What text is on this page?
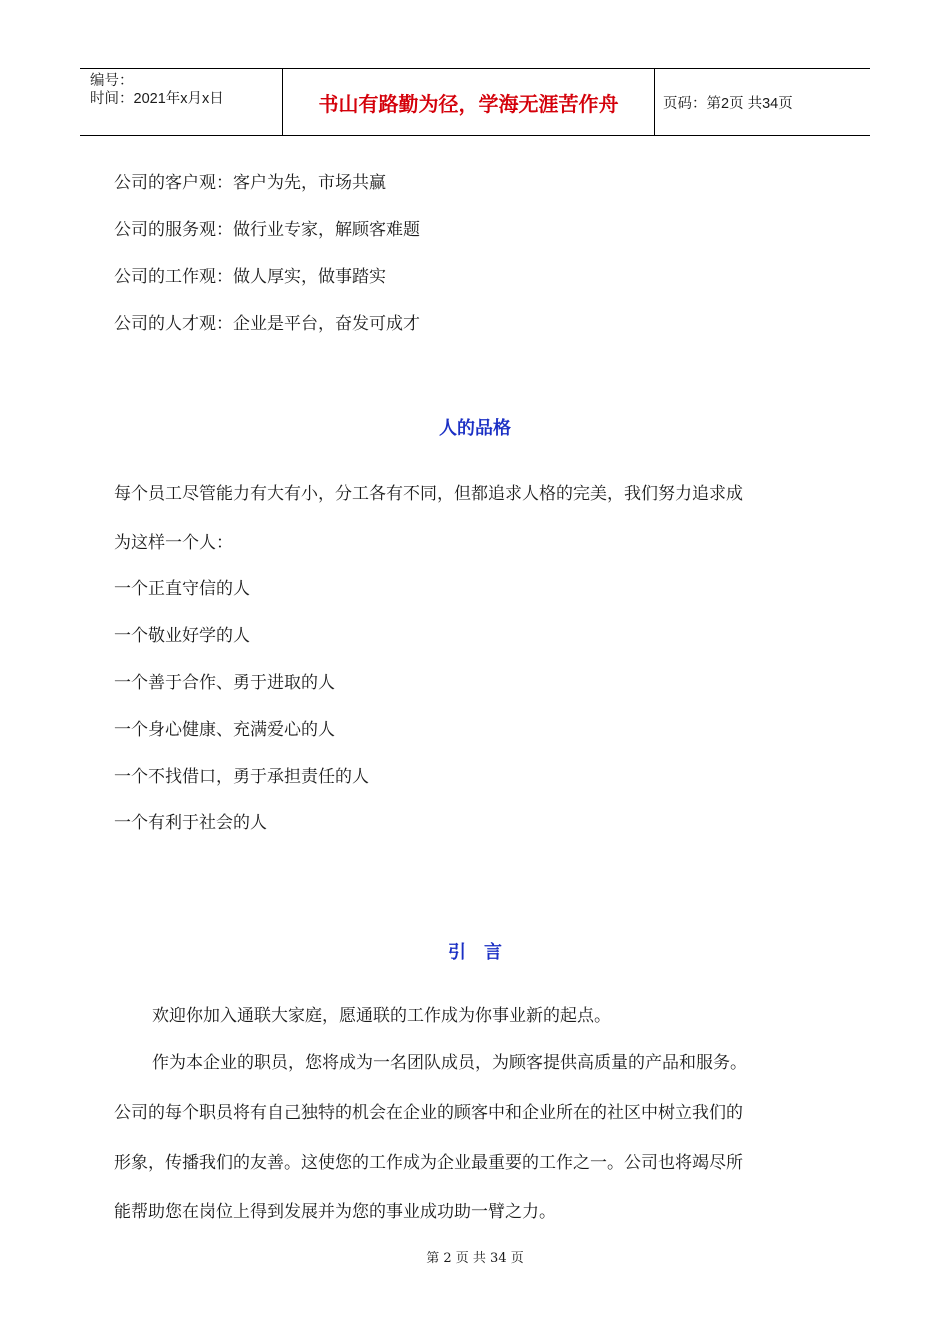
编号：
时间：2021年x月x日	书山有路勤为径，学海无涯苦作舟	页码：第2页 共34页
公司的客户观：客户为先，市场共赢
公司的服务观：做行业专家，解顾客难题
公司的工作观：做人厚实，做事踏实
公司的人才观：企业是平台，奋发可成才
人的品格
每个员工尽管能力有大有小，分工各有不同，但都追求人格的完美，我们努力追求成
为这样一个人：
一个正直守信的人
一个敬业好学的人
一个善于合作、勇于进取的人
一个身心健康、充满爱心的人
一个不找借口，勇于承担责任的人
一个有利于社会的人
引　言
欢迎你加入通联大家庭，愿通联的工作成为你事业新的起点。
作为本企业的职员，您将成为一名团队成员，为顾客提供高质量的产品和服务。
公司的每个职员将有自己独特的机会在企业的顾客中和企业所在的社区中树立我们的
形象，传播我们的友善。这使您的工作成为企业最重要的工作之一。公司也将竭尽所
能帮助您在岗位上得到发展并为您的事业成功助一臂之力。
第 2 页 共 34 页
